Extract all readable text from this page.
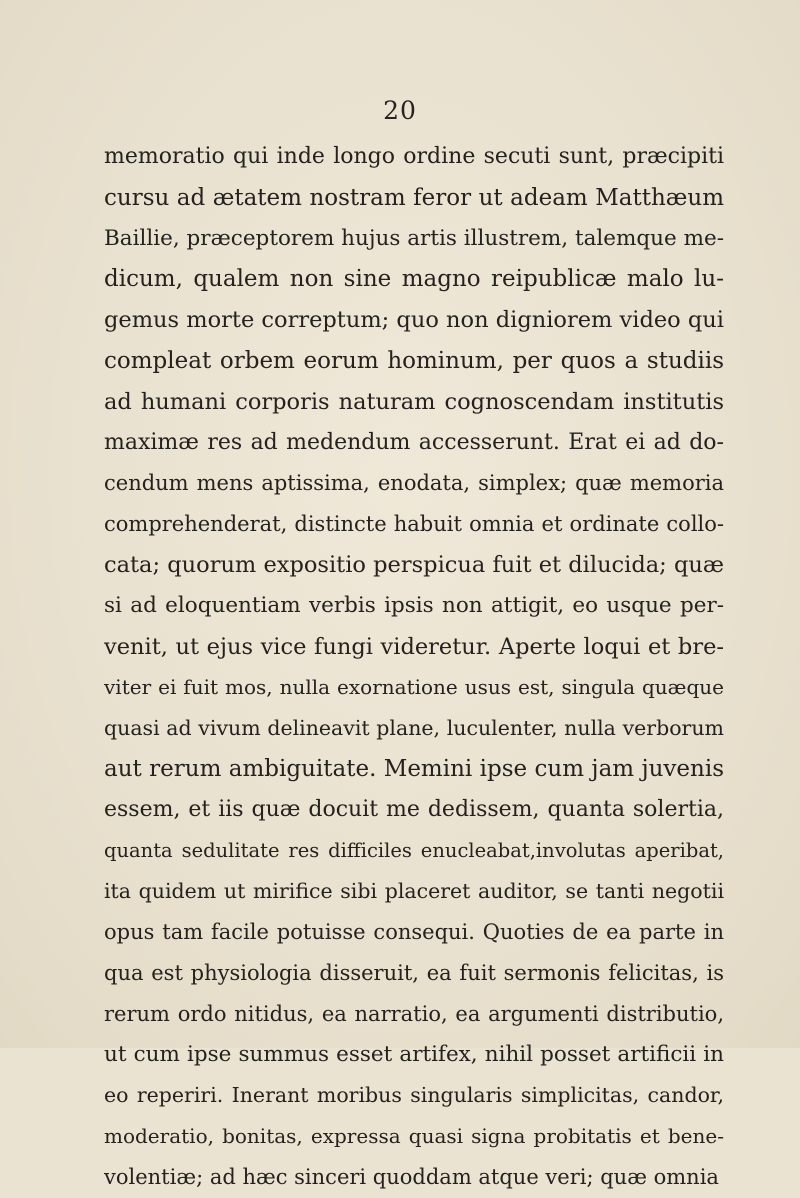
20
memoratio qui inde longo ordine secuti sunt, præcipiti
cursu ad ætatem nostram feror ut adeam Matthæum
Baillie, præceptorem hujus artis illustrem, talemque me-
dicum, qualem non sine magno reipublicæ malo lu-
gemus morte correptum; quo non digniorem video qui
compleat orbem eorum hominum, per quos a studiis
ad humani corporis naturam cognoscendam institutis
maximæ res ad medendum accesserunt. Erat ei ad do-
cendum mens aptissima, enodata, simplex; quæ memoria
comprehenderat, distincte habuit omnia et ordinate collo-
cata; quorum expositio perspicua fuit et dilucida; quæ
si ad eloquentiam verbis ipsis non attigit, eo usque per-
venit, ut ejus vice fungi videretur. Aperte loqui et bre-
viter ei fuit mos, nulla exornatione usus est, singula quæque
quasi ad vivum delineavit plane, luculenter, nulla verborum
aut rerum ambiguitate. Memini ipse cum jam juvenis
essem, et iis quæ docuit me dedissem, quanta solertia,
quanta sedulitate res difficiles enucleabat,involutas aperibat,
ita quidem ut mirifice sibi placeret auditor, se tanti negotii
opus tam facile potuisse consequi. Quoties de ea parte in
qua est physiologia disseruit, ea fuit sermonis felicitas, is
rerum ordo nitidus, ea narratio, ea argumenti distributio,
ut cum ipse summus esset artifex, nihil posset artificii in
eo reperiri. Inerant moribus singularis simplicitas, candor,
moderatio, bonitas, expressa quasi signa probitatis et bene-
volentiæ; ad hæc sinceri quoddam atque veri; quæ omnia
